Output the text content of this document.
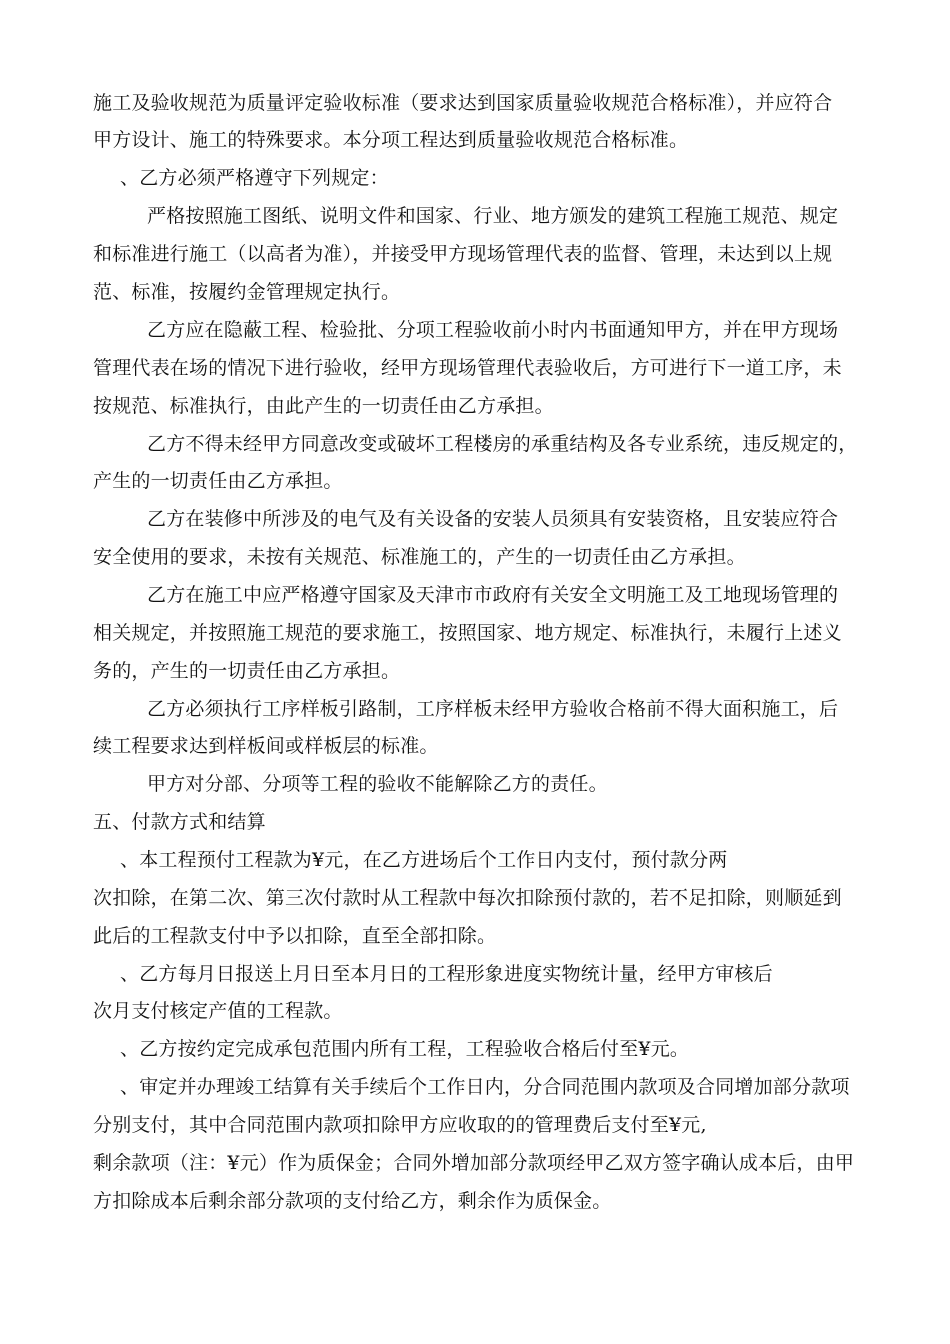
施工及验收规范为质量评定验收标准（要求达到国家质量验收规范合格标准），并应符合
甲方设计、施工的特殊要求。本分项工程达到质量验收规范合格标准。
、乙方必须严格遵守下列规定：
严格按照施工图纸、说明文件和国家、行业、地方颁发的建筑工程施工规范、规定
和标准进行施工（以高者为准），并接受甲方现场管理代表的监督、管理，未达到以上规
范、标准，按履约金管理规定执行。
乙方应在隐蔽工程、检验批、分项工程验收前小时内书面通知甲方，并在甲方现场
管理代表在场的情况下进行验收，经甲方现场管理代表验收后，方可进行下一道工序，未
按规范、标准执行，由此产生的一切责任由乙方承担。
乙方不得未经甲方同意改变或破坏工程楼房的承重结构及各专业系统，违反规定的，
产生的一切责任由乙方承担。
乙方在装修中所涉及的电气及有关设备的安装人员须具有安装资格，且安装应符合
安全使用的要求，未按有关规范、标准施工的，产生的一切责任由乙方承担。
乙方在施工中应严格遵守国家及天津市市政府有关安全文明施工及工地现场管理的
相关规定，并按照施工规范的要求施工，按照国家、地方规定、标准执行，未履行上述义
务的，产生的一切责任由乙方承担。
乙方必须执行工序样板引路制，工序样板未经甲方验收合格前不得大面积施工，后
续工程要求达到样板间或样板层的标准。
甲方对分部、分项等工程的验收不能解除乙方的责任。
五、付款方式和结算
、本工程预付工程款为¥元，在乙方进场后个工作日内支付，预付款分两
次扣除，在第二次、第三次付款时从工程款中每次扣除预付款的，若不足扣除，则顺延到
此后的工程款支付中予以扣除，直至全部扣除。
、乙方每月日报送上月日至本月日的工程形象进度实物统计量，经甲方审核后
次月支付核定产值的工程款。
、乙方按约定完成承包范围内所有工程，工程验收合格后付至¥元。
、审定并办理竣工结算有关手续后个工作日内，分合同范围内款项及合同增加部分款项
分别支付，其中合同范围内款项扣除甲方应收取的的管理费后支付至¥元,
剩余款项（注：¥元）作为质保金；合同外增加部分款项经甲乙双方签字确认成本后，由甲
方扣除成本后剩余部分款项的支付给乙方，剩余作为质保金。
